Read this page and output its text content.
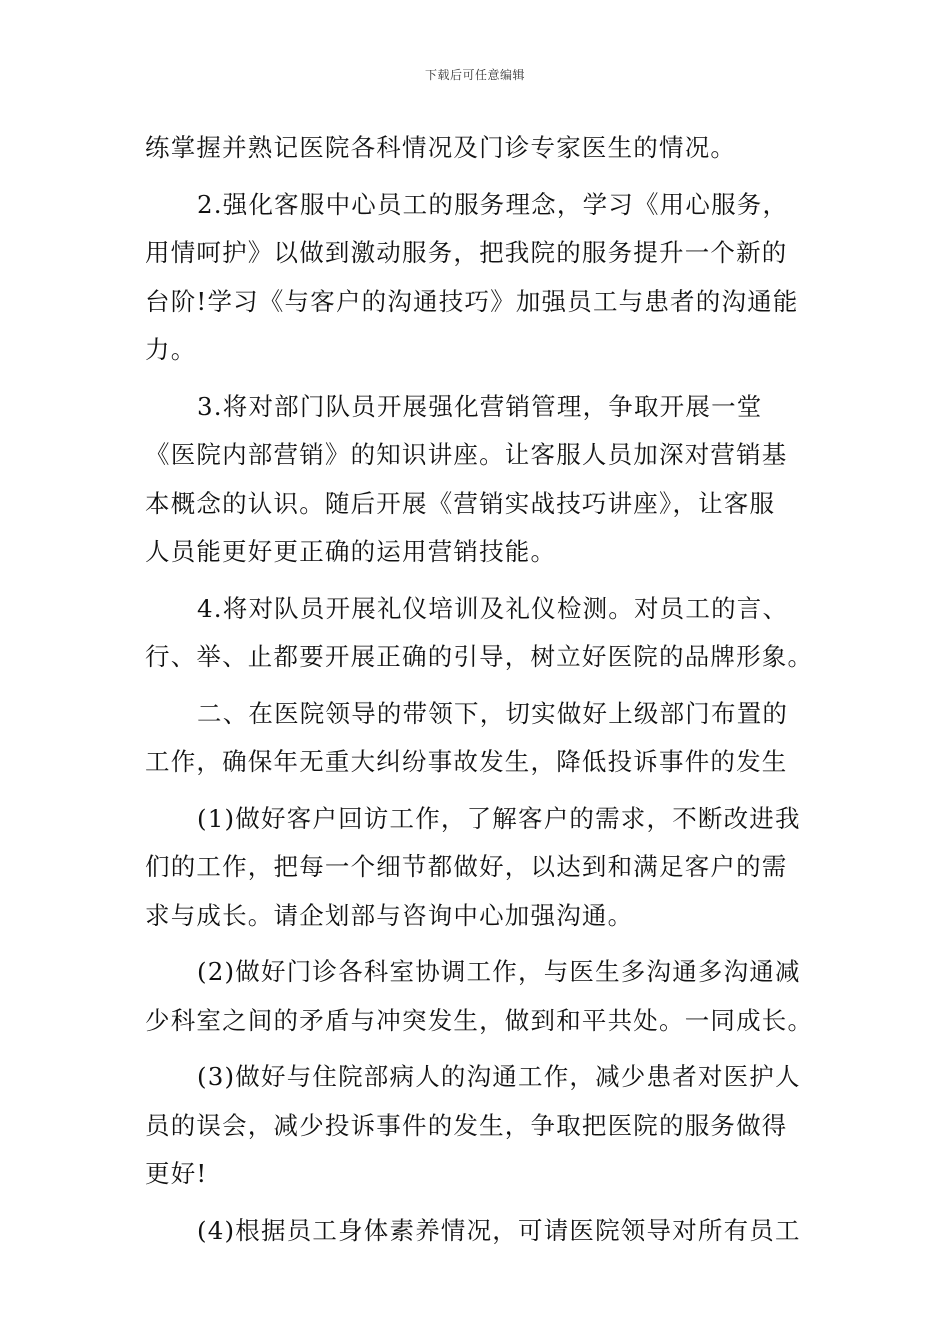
下载后可任意编辑

练掌握并熟记医院各科情况及门诊专家医生的情况。

2.强化客服中心员工的服务理念，学习《用心服务，
用情呵护》以做到激动服务，把我院的服务提升一个新的
台阶!学习《与客户的沟通技巧》加强员工与患者的沟通能
力。

3.将对部门队员开展强化营销管理，争取开展一堂
《医院内部营销》的知识讲座。让客服人员加深对营销基
本概念的认识。随后开展《营销实战技巧讲座》，让客服
人员能更好更正确的运用营销技能。

4.将对队员开展礼仪培训及礼仪检测。对员工的言、
行、举、止都要开展正确的引导，树立好医院的品牌形象。

二、在医院领导的带领下，切实做好上级部门布置的
工作，确保年无重大纠纷事故发生，降低投诉事件的发生

(1)做好客户回访工作，了解客户的需求，不断改进我
们的工作，把每一个细节都做好，以达到和满足客户的需
求与成长。请企划部与咨询中心加强沟通。

(2)做好门诊各科室协调工作，与医生多沟通多沟通减
少科室之间的矛盾与冲突发生，做到和平共处。一同成长。

(3)做好与住院部病人的沟通工作，减少患者对医护人
员的误会，减少投诉事件的发生，争取把医院的服务做得
更好!

(4)根据员工身体素养情况，可请医院领导对所有员工
